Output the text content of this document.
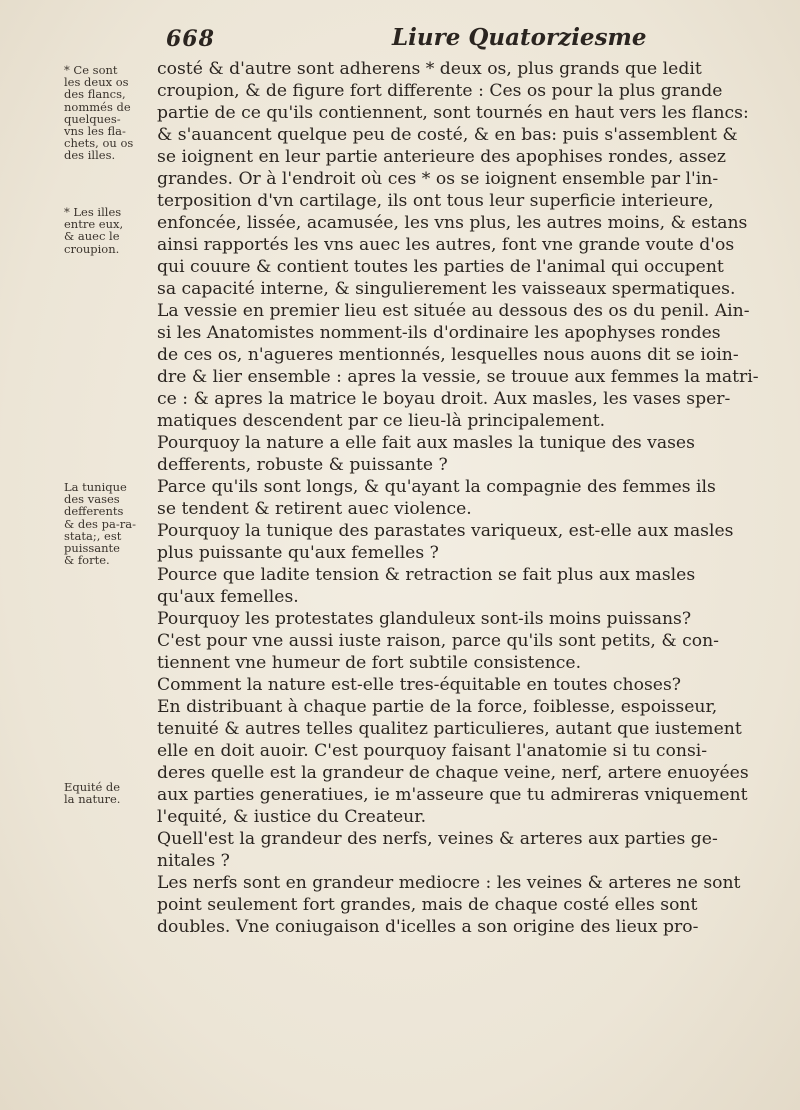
668	Liure Quatorziesme
* Ce sont
les deux os
des flancs,
nommés de
quelques-
vns les fla-
chets, ou os
des illes.
* Les illes
entre eux,
& auec le
croupion.
La tunique
des vases
defferents
& des pa-ra-
stata;, est
puissante
& forte.
Equité de
la nature.
costé & d'autre sont adherens * deux os, plus grands que ledit
croupion, & de figure fort differente : Ces os pour la plus grande
partie de ce qu'ils contiennent, sont tournés en haut vers les flancs:
& s'auancent quelque peu de costé, & en bas: puis s'assemblent &
se ioignent en leur partie anterieure des apophises rondes, assez
grandes. Or à l'endroit où ces * os se ioignent ensemble par l'in-
terposition d'vn cartilage, ils ont tous leur superficie interieure,
enfoncée, lissée, acamusée, les vns plus, les autres moins, & estans
ainsi rapportés les vns auec les autres, font vne grande voute d'os
qui couure & contient toutes les parties de l'animal qui occupent
sa capacité interne, & singulierement les vaisseaux spermatiques.
La vessie en premier lieu est située au dessous des os du penil. Ain-
si les Anatomistes nomment-ils d'ordinaire les apophyses rondes
de ces os, n'agueres mentionnés, lesquelles nous auons dit se ioin-
dre & lier ensemble : apres la vessie, se trouue aux femmes la matri-
ce : & apres la matrice le boyau droit. Aux masles, les vases sper-
matiques descendent par ce lieu-là principalement.
Pourquoy la nature a elle fait aux masles la tunique des vases
defferents, robuste & puissante ?
Parce qu'ils sont longs, & qu'ayant la compagnie des femmes ils
se tendent & retirent auec violence.
Pourquoy la tunique des parastates variqueux, est-elle aux masles
plus puissante qu'aux femelles ?
Pource que ladite tension & retraction se fait plus aux masles
qu'aux femelles.
Pourquoy les protestates glanduleux sont-ils moins puissans?
C'est pour vne aussi iuste raison, parce qu'ils sont petits, & con-
tiennent vne humeur de fort subtile consistence.
Comment la nature est-elle tres-équitable en toutes choses?
En distribuant à chaque partie de la force, foiblesse, espoisseur,
tenuité & autres telles qualitez particulieres, autant que iustement
elle en doit auoir. C'est pourquoy faisant l'anatomie si tu consi-
deres quelle est la grandeur de chaque veine, nerf, artere enuoyées
aux parties generatiues, ie m'asseure que tu admireras vniquement
l'equité, & iustice du Createur.
Quell'est la grandeur des nerfs, veines & arteres aux parties ge-
nitales ?
Les nerfs sont en grandeur mediocre : les veines & arteres ne sont
point seulement fort grandes, mais de chaque costé elles sont
doubles. Vne coniugaison d'icelles a son origine des lieux pro-
